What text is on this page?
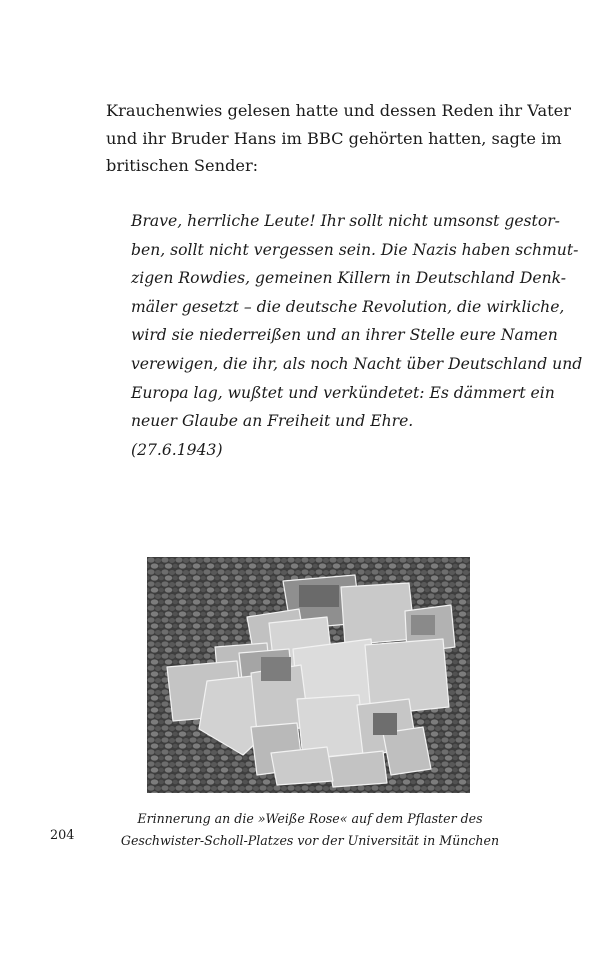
Krauchenwies gelesen hatte und dessen Reden ihr Vater
und ihr Bruder Hans im BBC gehörten hatten, sagte im
britischen Sender:
Brave, herrliche Leute! Ihr sollt nicht umsonst gestor-
ben, sollt nicht vergessen sein. Die Nazis haben schmut-
zigen Rowdies, gemeinen Killern in Deutschland Denk-
mäler gesetzt – die deutsche Revolution, die wirkliche,
wird sie niederreißen und an ihrer Stelle eure Namen
verewigen, die ihr, als noch Nacht über Deutschland und
Europa lag, wußtet und verkündetet: Es dämmert ein
neuer Glaube an Freiheit und Ehre.
(27.6.1943)
Erinnerung an die »Weiße Rose« auf dem Pflaster des
Geschwister-Scholl-Platzes vor der Universität in München
204
